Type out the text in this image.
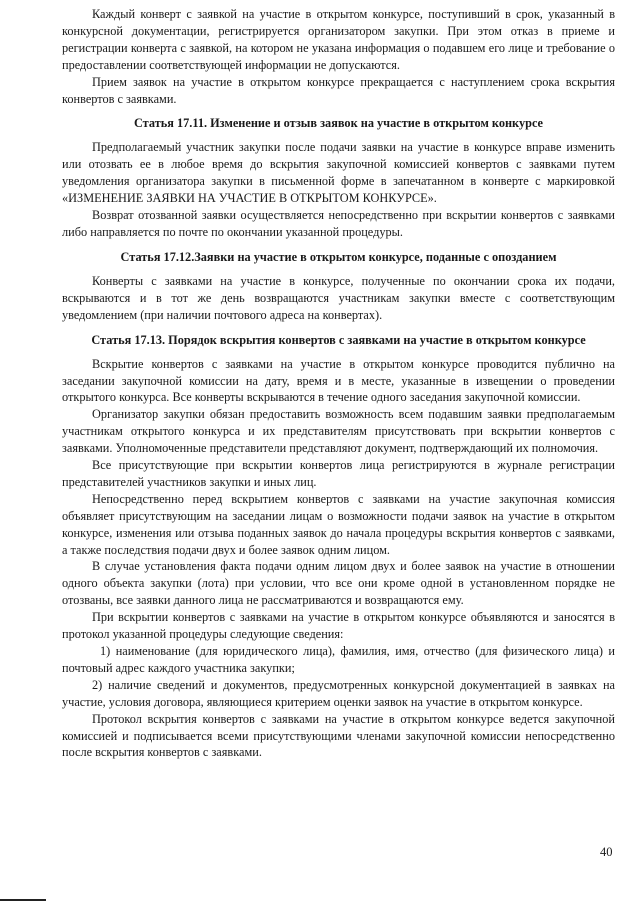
Каждый конверт с заявкой на участие в открытом конкурсе, поступивший в срок, указанный в конкурсной документации, регистрируется организатором закупки. При этом отказ в приеме и регистрации конверта с заявкой, на котором не указана информация о подавшем его лице и требование о предоставлении соответствующей информации не допускаются.

Прием заявок на участие в открытом конкурсе прекращается с наступлением срока вскрытия конвертов с заявками.

Статья 17.11. Изменение и отзыв заявок на участие в открытом конкурсе

Предполагаемый участник закупки после подачи заявки на участие в конкурсе вправе изменить или отозвать ее в любое время до вскрытия закупочной комиссией конвертов с заявками путем уведомления организатора закупки в письменной форме в запечатанном в конверте с маркировкой «ИЗМЕНЕНИЕ ЗАЯВКИ НА УЧАСТИЕ В ОТКРЫТОМ КОНКУРСЕ».

Возврат отозванной заявки осуществляется непосредственно при вскрытии конвертов с заявками либо направляется по почте по окончании указанной процедуры.

Статья 17.12.Заявки на участие в открытом конкурсе, поданные с опозданием

Конверты с заявками на участие в конкурсе, полученные по окончании срока их подачи, вскрываются и в тот же день возвращаются участникам закупки вместе с соответствующим уведомлением (при наличии почтового адреса на конвертах).

Статья 17.13. Порядок вскрытия конвертов с заявками на участие в открытом конкурсе

Вскрытие конвертов с заявками на участие в открытом конкурсе проводится публично на заседании закупочной комиссии на дату, время и в месте, указанные в извещении о проведении открытого конкурса. Все конверты вскрываются в течение одного заседания закупочной комиссии.

Организатор закупки обязан предоставить возможность всем подавшим заявки предполагаемым участникам открытого конкурса и их представителям присутствовать при вскрытии конвертов с заявками. Уполномоченные представители представляют документ, подтверждающий их полномочия.

Все присутствующие при вскрытии конвертов лица регистрируются в журнале регистрации представителей участников закупки и иных лиц.

Непосредственно перед вскрытием конвертов с заявками на участие закупочная комиссия объявляет присутствующим на заседании лицам о возможности подачи заявок на участие в открытом конкурсе, изменения или отзыва поданных заявок до начала процедуры вскрытия конвертов с заявками, а также последствия подачи двух и более заявок одним лицом.

В случае установления факта подачи одним лицом двух и более заявок на участие в отношении одного объекта закупки (лота) при условии, что все они кроме одной в установленном порядке не отозваны, все заявки данного лица не рассматриваются и возвращаются ему.

При вскрытии конвертов с заявками на участие в открытом конкурсе объявляются и заносятся в протокол указанной процедуры следующие сведения:

1) наименование (для юридического лица), фамилия, имя, отчество (для физического лица) и почтовый адрес каждого участника закупки;

2) наличие сведений и документов, предусмотренных конкурсной документацией в заявках на участие, условия договора, являющиеся критерием оценки заявок на участие в открытом конкурсе.

Протокол вскрытия конвертов с заявками на участие в открытом конкурсе ведется закупочной комиссией и подписывается всеми присутствующими членами закупочной комиссии непосредственно после вскрытия конвертов с заявками.

40
